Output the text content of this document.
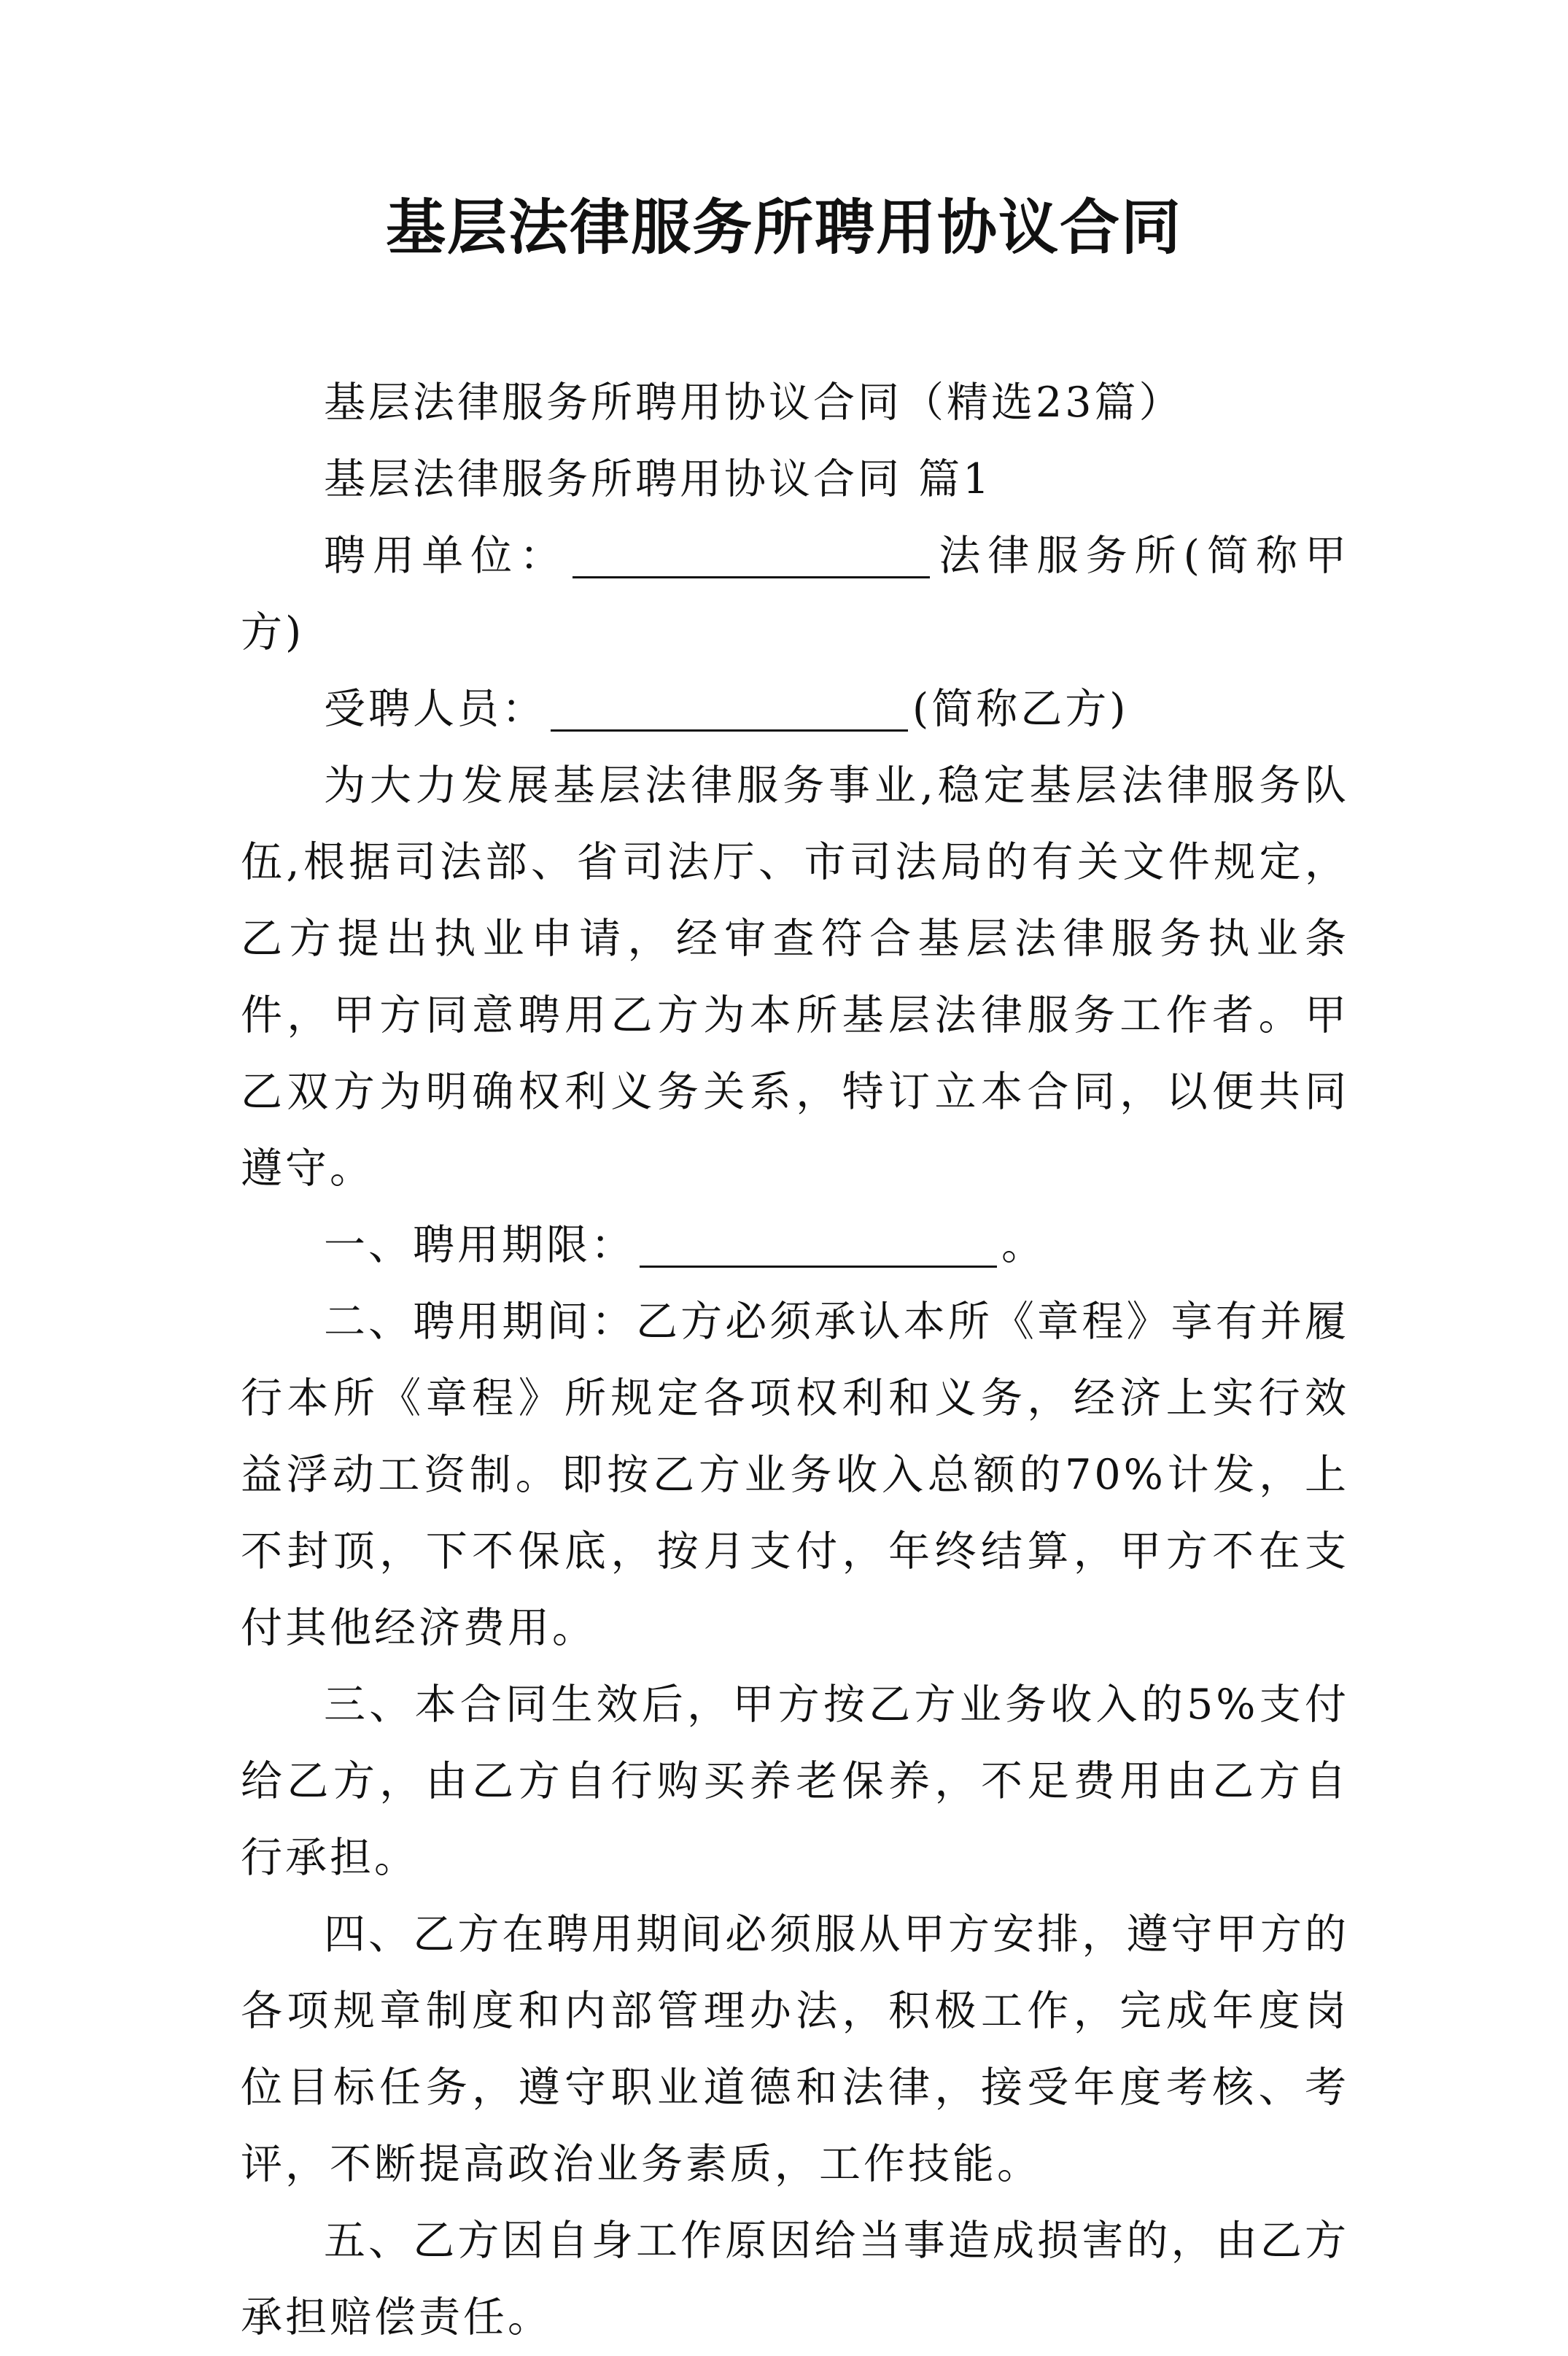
基层法律服务所聘用协议合同

基层法律服务所聘用协议合同（精选23篇）

基层法律服务所聘用协议合同 篇1

聘用单位：	法律服务所(简称甲方)

受聘人员：	(简称乙方)

为大力发展基层法律服务事业,稳定基层法律服务队伍,根据司法部、省司法厅、市司法局的有关文件规定，乙方提出执业申请，经审查符合基层法律服务执业条件，甲方同意聘用乙方为本所基层法律服务工作者。甲乙双方为明确权利义务关系，特订立本合同，以便共同遵守。

一、聘用期限：	。

二、聘用期间：乙方必须承认本所《章程》享有并履行本所《章程》所规定各项权利和义务，经济上实行效益浮动工资制。即按乙方业务收入总额的70%计发，上不封顶，下不保底，按月支付，年终结算，甲方不在支付其他经济费用。

三、本合同生效后，甲方按乙方业务收入的5%支付给乙方，由乙方自行购买养老保养，不足费用由乙方自行承担。

四、乙方在聘用期间必须服从甲方安排，遵守甲方的各项规章制度和内部管理办法，积极工作，完成年度岗位目标任务，遵守职业道德和法律，接受年度考核、考评，不断提高政治业务素质，工作技能。

五、乙方因自身工作原因给当事造成损害的，由乙方承担赔偿责任。
